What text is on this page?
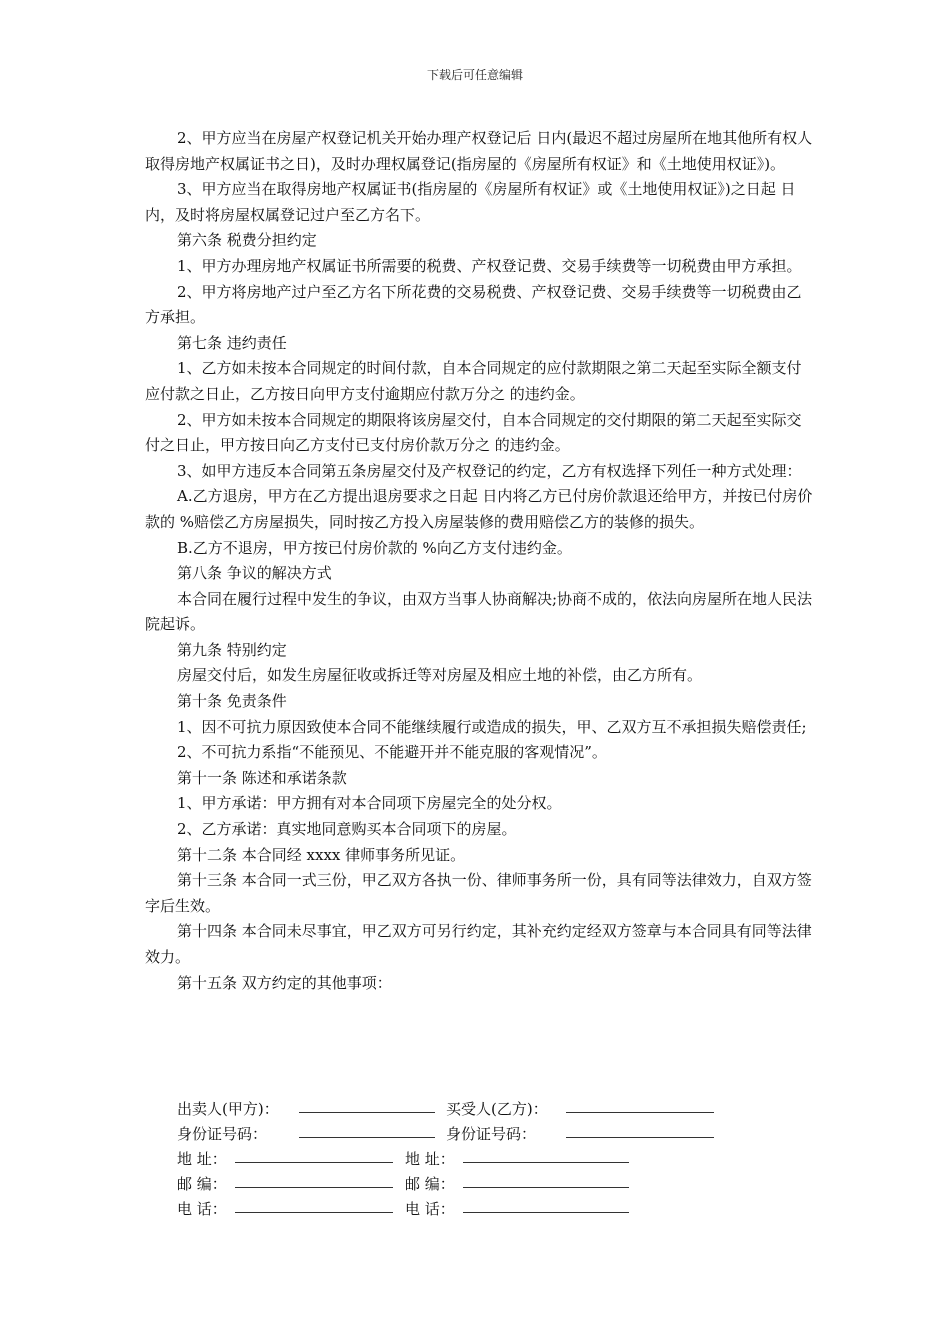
下载后可任意编辑

2、甲方应当在房屋产权登记机关开始办理产权登记后 日内(最迟不超过房屋所在地其他所有权人取得房地产权属证书之日)，及时办理权属登记(指房屋的《房屋所有权证》和《土地使用权证》)。

3、甲方应当在取得房地产权属证书(指房屋的《房屋所有权证》或《土地使用权证》)之日起 日内，及时将房屋权属登记过户至乙方名下。

第六条 税费分担约定

1、甲方办理房地产权属证书所需要的税费、产权登记费、交易手续费等一切税费由甲方承担。

2、甲方将房地产过户至乙方名下所花费的交易税费、产权登记费、交易手续费等一切税费由乙方承担。

第七条 违约责任

1、乙方如未按本合同规定的时间付款，自本合同规定的应付款期限之第二天起至实际全额支付应付款之日止，乙方按日向甲方支付逾期应付款万分之 的违约金。

2、甲方如未按本合同规定的期限将该房屋交付，自本合同规定的交付期限的第二天起至实际交付之日止，甲方按日向乙方支付已支付房价款万分之 的违约金。

3、如甲方违反本合同第五条房屋交付及产权登记的约定，乙方有权选择下列任一种方式处理：

A.乙方退房，甲方在乙方提出退房要求之日起 日内将乙方已付房价款退还给甲方，并按已付房价款的 %赔偿乙方房屋损失，同时按乙方投入房屋装修的费用赔偿乙方的装修的损失。

B.乙方不退房，甲方按已付房价款的 %向乙方支付违约金。

第八条 争议的解决方式

本合同在履行过程中发生的争议，由双方当事人协商解决;协商不成的，依法向房屋所在地人民法院起诉。

第九条 特别约定

房屋交付后，如发生房屋征收或拆迁等对房屋及相应土地的补偿，由乙方所有。

第十条 免责条件

1、因不可抗力原因致使本合同不能继续履行或造成的损失，甲、乙双方互不承担损失赔偿责任;

2、不可抗力系指“不能预见、不能避开并不能克服的客观情况”。

第十一条 陈述和承诺条款

1、甲方承诺：甲方拥有对本合同项下房屋完全的处分权。

2、乙方承诺：真实地同意购买本合同项下的房屋。

第十二条 本合同经 xxxx 律师事务所见证。

第十三条 本合同一式三份，甲乙双方各执一份、律师事务所一份，具有同等法律效力，自双方签字后生效。

第十四条 本合同未尽事宜，甲乙双方可另行约定，其补充约定经双方签章与本合同具有同等法律效力。

第十五条 双方约定的其他事项：

出卖人(甲方)：	买受人(乙方)：
身份证号码：	身份证号码：
地 址：	地 址：
邮 编：	邮 编：
电 话：	电 话：
